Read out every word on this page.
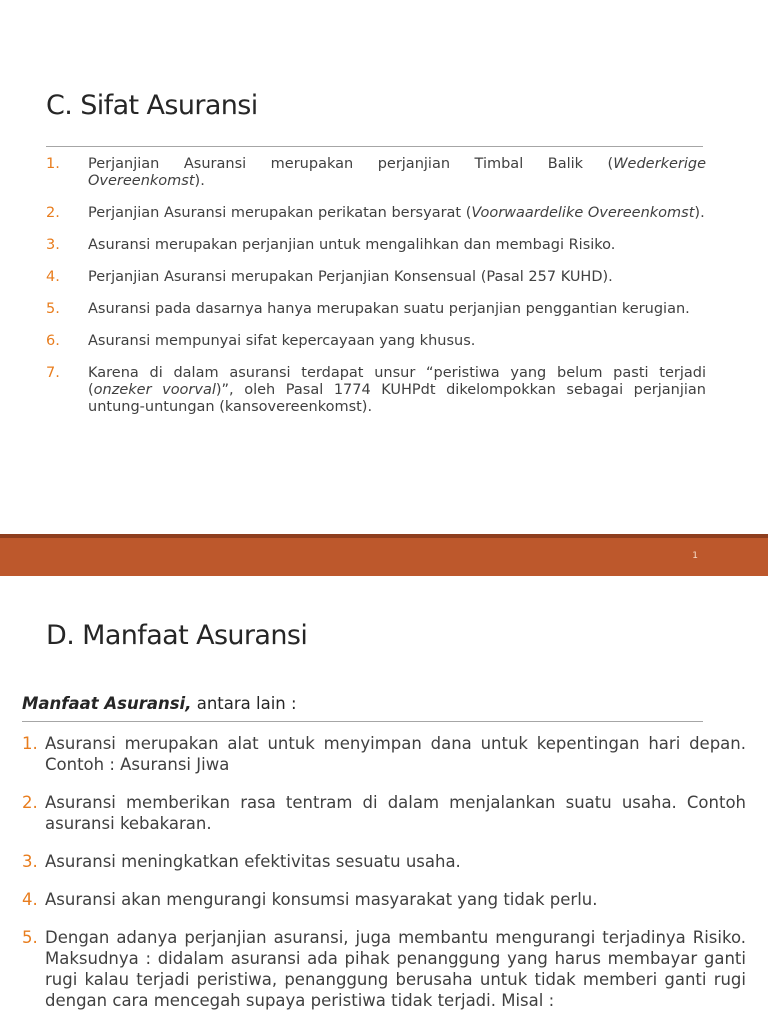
C. Sifat Asuransi
1. Perjanjian Asuransi merupakan perjanjian Timbal Balik (Wederkerige Overeenkomst).
2. Perjanjian Asuransi merupakan perikatan bersyarat (Voorwaardelike Overeenkomst).
3. Asuransi merupakan perjanjian untuk mengalihkan dan membagi Risiko.
4. Perjanjian Asuransi merupakan Perjanjian Konsensual (Pasal 257 KUHD).
5. Asuransi pada dasarnya hanya merupakan suatu perjanjian penggantian kerugian.
6. Asuransi mempunyai sifat kepercayaan yang khusus.
7. Karena di dalam asuransi terdapat unsur “peristiwa yang belum pasti terjadi (onzeker voorval)”, oleh Pasal 1774 KUHPdt dikelompokkan sebagai perjanjian untung-untungan (kansovereenkomst).
1
D. Manfaat Asuransi
Manfaat Asuransi, antara lain :
1. Asuransi merupakan alat untuk menyimpan dana untuk kepentingan hari depan. Contoh : Asuransi Jiwa
2. Asuransi memberikan rasa tentram di dalam menjalankan suatu usaha. Contoh asuransi kebakaran.
3. Asuransi meningkatkan efektivitas sesuatu usaha.
4. Asuransi akan mengurangi konsumsi masyarakat yang tidak perlu.
5. Dengan adanya perjanjian asuransi, juga membantu mengurangi terjadinya Risiko. Maksudnya : didalam asuransi ada pihak penanggung yang harus membayar ganti rugi kalau terjadi peristiwa, penanggung berusaha untuk tidak memberi ganti rugi dengan cara mencegah supaya peristiwa tidak terjadi. Misal :
